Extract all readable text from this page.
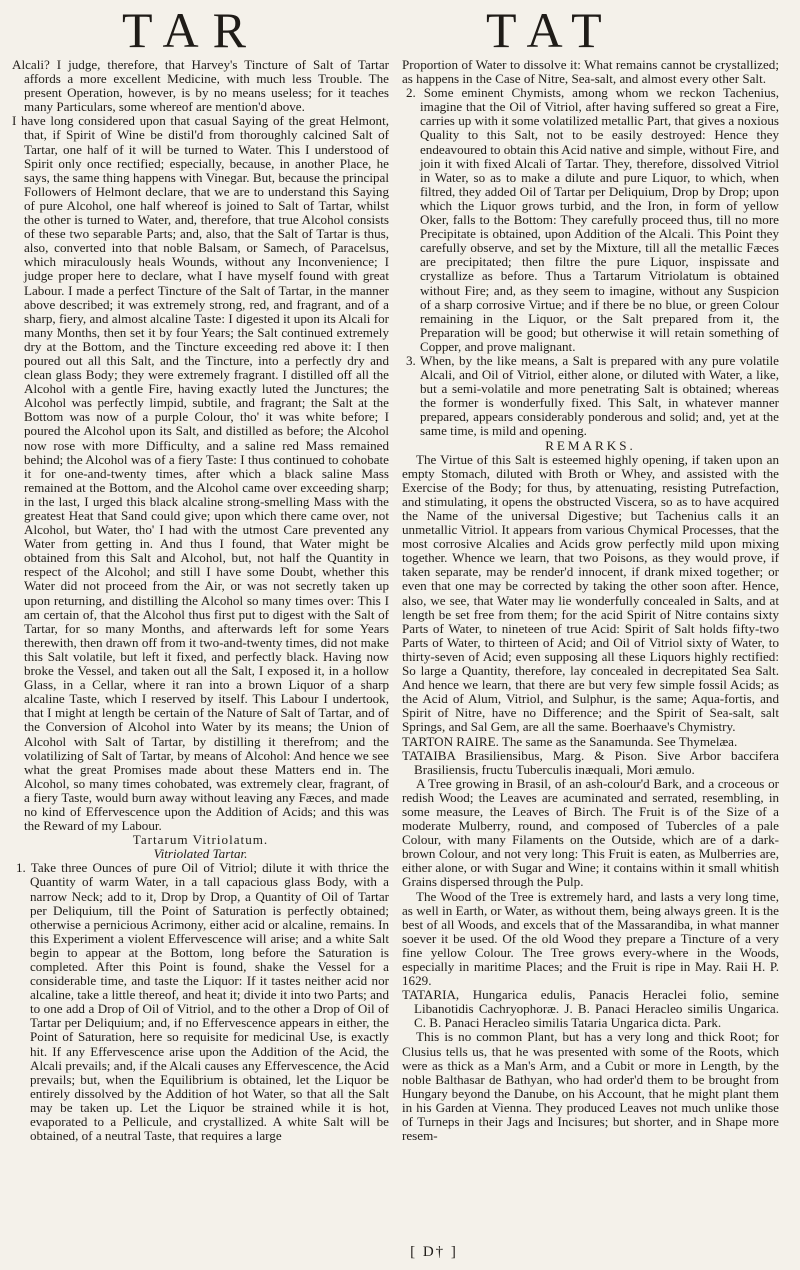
TAR	TAT

Alcali? I judge, therefore, that Harvey's Tincture of Salt of Tartar affords a more excellent Medicine, with much less Trouble. The present Operation, however, is by no means useless; for it teaches many Particulars, some whereof are mention'd above.

I have long considered upon that casual Saying of the great Helmont, that, if Spirit of Wine be distil'd from thoroughly calcined Salt of Tartar, one half of it will be turned to Water. This I understood of Spirit only once rectified; especially, because, in another Place, he says, the same thing happens with Vinegar. But, because the principal Followers of Helmont declare, that we are to understand this Saying of pure Alcohol, one half whereof is joined to Salt of Tartar, whilst the other is turned to Water, and, therefore, that true Alcohol consists of these two separable Parts; and, also, that the Salt of Tartar is thus, also, converted into that noble Balsam, or Samech, of Paracelsus, which miraculously heals Wounds, without any Inconvenience; I judge proper here to declare, what I have myself found with great Labour. I made a perfect Tincture of the Salt of Tartar, in the manner above described; it was extremely strong, red, and fragrant, and of a sharp, fiery, and almost alcaline Taste: I digested it upon its Alcali for many Months, then set it by four Years; the Salt continued extremely dry at the Bottom, and the Tincture exceeding red above it: I then poured out all this Salt, and the Tincture, into a perfectly dry and clean glass Body; they were extremely fragrant. I distilled off all the Alcohol with a gentle Fire, having exactly luted the Junctures; the Alcohol was perfectly limpid, subtile, and fragrant; the Salt at the Bottom was now of a purple Colour, tho' it was white before; I poured the Alcohol upon its Salt, and distilled as before; the Alcohol now rose with more Difficulty, and a saline red Mass remained behind; the Alcohol was of a fiery Taste: I thus continued to cohobate it for one-and-twenty times, after which a black saline Mass remained at the Bottom, and the Alcohol came over exceeding sharp; in the last, I urged this black alcaline strong-smelling Mass with the greatest Heat that Sand could give; upon which there came over, not Alcohol, but Water, tho' I had with the utmost Care prevented any Water from getting in. And thus I found, that Water might be obtained from this Salt and Alcohol, but, not half the Quantity in respect of the Alcohol; and still I have some Doubt, whether this Water did not proceed from the Air, or was not secretly taken up upon returning, and distilling the Alcohol so many times over: This I am certain of, that the Alcohol thus first put to digest with the Salt of Tartar, for so many Months, and afterwards left for some Years therewith, then drawn off from it two-and-twenty times, did not make this Salt volatile, but left it fixed, and perfectly black. Having now broke the Vessel, and taken out all the Salt, I exposed it, in a hollow Glass, in a Cellar, where it ran into a brown Liquor of a sharp alcaline Taste, which I reserved by itself. This Labour I undertook, that I might at length be certain of the Nature of Salt of Tartar, and of the Conversion of Alcohol into Water by its means; the Union of Alcohol with Salt of Tartar, by distilling it therefrom; and the volatilizing of Salt of Tartar, by means of Alcohol: And hence we see what the great Promises made about these Matters end in. The Alcohol, so many times cohobated, was extremely clear, fragrant, of a fiery Taste, would burn away without leaving any Fæces, and made no kind of Effervescence upon the Addition of Acids; and this was the Reward of my Labour.

Tartarum Vitriolatum.

Vitriolated Tartar.

1. Take three Ounces of pure Oil of Vitriol; dilute it with thrice the Quantity of warm Water, in a tall capacious glass Body, with a narrow Neck; add to it, Drop by Drop, a Quantity of Oil of Tartar per Deliquium, till the Point of Saturation is perfectly obtained; otherwise a pernicious Acrimony, either acid or alcaline, remains. In this Experiment a violent Effervescence will arise; and a white Salt begin to appear at the Bottom, long before the Saturation is completed. After this Point is found, shake the Vessel for a considerable time, and taste the Liquor: If it tastes neither acid nor alcaline, take a little thereof, and heat it; divide it into two Parts; and to one add a Drop of Oil of Vitriol, and to the other a Drop of Oil of Tartar per Deliquium; and, if no Effervescence appears in either, the Point of Saturation, here so requisite for medicinal Use, is exactly hit. If any Effervescence arise upon the Addition of the Acid, the Alcali prevails; and, if the Alcali causes any Effervescence, the Acid prevails; but, when the Equilibrium is obtained, let the Liquor be entirely dissolved by the Addition of hot Water, so that all the Salt may be taken up. Let the Liquor be strained while it is hot, evaporated to a Pellicule, and crystallized. A white Salt will be obtained, of a neutral Taste, that requires a large

Proportion of Water to dissolve it: What remains cannot be crystallized; as happens in the Case of Nitre, Sea-salt, and almost every other Salt.

2. Some eminent Chymists, among whom we reckon Tachenius, imagine that the Oil of Vitriol, after having suffered so great a Fire, carries up with it some volatilized metallic Part, that gives a noxious Quality to this Salt, not to be easily destroyed: Hence they endeavoured to obtain this Acid native and simple, without Fire, and join it with fixed Alcali of Tartar. They, therefore, dissolved Vitriol in Water, so as to make a dilute and pure Liquor, to which, when filtred, they added Oil of Tartar per Deliquium, Drop by Drop; upon which the Liquor grows turbid, and the Iron, in form of yellow Oker, falls to the Bottom: They carefully proceed thus, till no more Precipitate is obtained, upon Addition of the Alcali. This Point they carefully observe, and set by the Mixture, till all the metallic Fæces are precipitated; then filtre the pure Liquor, inspissate and crystallize as before. Thus a Tartarum Vitriolatum is obtained without Fire; and, as they seem to imagine, without any Suspicion of a sharp corrosive Virtue; and if there be no blue, or green Colour remaining in the Liquor, or the Salt prepared from it, the Preparation will be good; but otherwise it will retain something of Copper, and prove malignant.

3. When, by the like means, a Salt is prepared with any pure volatile Alcali, and Oil of Vitriol, either alone, or diluted with Water, a like, but a semi-volatile and more penetrating Salt is obtained; whereas the former is wonderfully fixed. This Salt, in whatever manner prepared, appears considerably ponderous and solid; and, yet at the same time, is mild and opening.

REMARKS.

The Virtue of this Salt is esteemed highly opening, if taken upon an empty Stomach, diluted with Broth or Whey, and assisted with the Exercise of the Body; for thus, by attenuating, resisting Putrefaction, and stimulating, it opens the obstructed Viscera, so as to have acquired the Name of the universal Digestive; but Tachenius calls it an unmetallic Vitriol. It appears from various Chymical Processes, that the most corrosive Alcalies and Acids grow perfectly mild upon mixing together. Whence we learn, that two Poisons, as they would prove, if taken separate, may be render'd innocent, if drank mixed together; or even that one may be corrected by taking the other soon after. Hence, also, we see, that Water may lie wonderfully concealed in Salts, and at length be set free from them; for the acid Spirit of Nitre contains sixty Parts of Water, to nineteen of true Acid: Spirit of Salt holds fifty-two Parts of Water, to thirteen of Acid; and Oil of Vitriol sixty of Water, to thirty-seven of Acid; even supposing all these Liquors highly rectified: So large a Quantity, therefore, lay concealed in decrepitated Sea Salt. And hence we learn, that there are but very few simple fossil Acids; as the Acid of Alum, Vitriol, and Sulphur, is the same; Aqua-fortis, and Spirit of Nitre, have no Difference; and the Spirit of Sea-salt, salt Springs, and Sal Gem, are all the same. Boerhaave's Chymistry.

TARTON RAIRE. The same as the Sanamunda. See Thymelæa.

TATAIBA Brasiliensibus, Marg. & Pison. Sive Arbor baccifera Brasiliensis, fructu Tuberculis inæquali, Mori æmulo.

A Tree growing in Brasil, of an ash-colour'd Bark, and a croceous or redish Wood; the Leaves are acuminated and serrated, resembling, in some measure, the Leaves of Birch. The Fruit is of the Size of a moderate Mulberry, round, and composed of Tubercles of a pale Colour, with many Filaments on the Outside, which are of a dark-brown Colour, and not very long: This Fruit is eaten, as Mulberries are, either alone, or with Sugar and Wine; it contains within it small whitish Grains dispersed through the Pulp.

The Wood of the Tree is extremely hard, and lasts a very long time, as well in Earth, or Water, as without them, being always green. It is the best of all Woods, and excels that of the Massarandiba, in what manner soever it be used. Of the old Wood they prepare a Tincture of a very fine yellow Colour. The Tree grows every-where in the Woods, especially in maritime Places; and the Fruit is ripe in May. Raii H. P. 1629.

TATARIA, Hungarica edulis, Panacis Heraclei folio, semine Libanotidis Cachryophoræ. J. B. Panaci Heracleo similis Ungarica. C. B. Panaci Heracleo similis Tataria Ungarica dicta. Park.

This is no common Plant, but has a very long and thick Root; for Clusius tells us, that he was presented with some of the Roots, which were as thick as a Man's Arm, and a Cubit or more in Length, by the noble Balthasar de Bathyan, who had order'd them to be brought from Hungary beyond the Danube, on his Account, that he might plant them in his Garden at Vienna. They produced Leaves not much unlike those of Turneps in their Jags and Incisures; but shorter, and in Shape more resem-

[ D† ]
